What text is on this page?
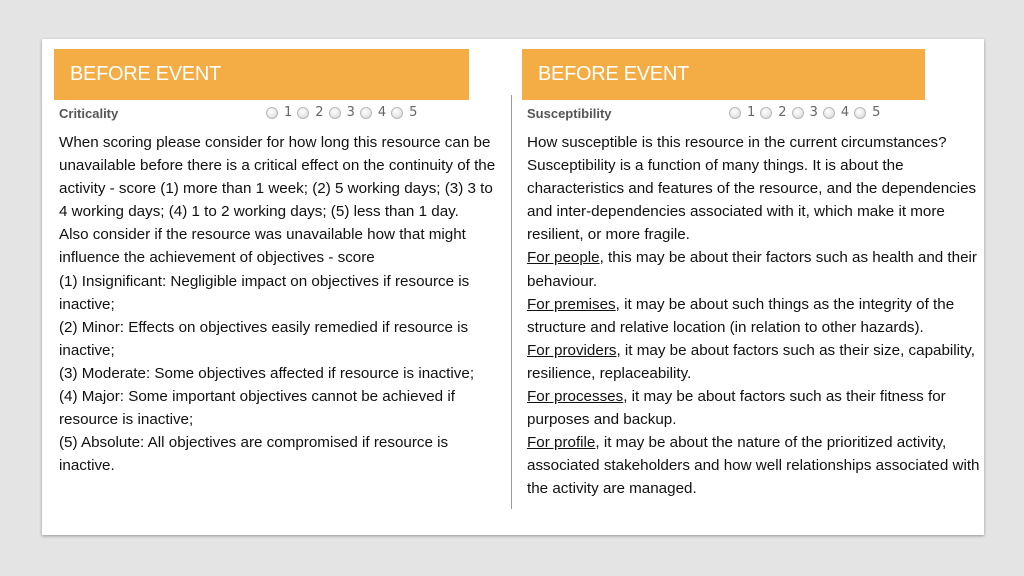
BEFORE EVENT
Criticality	1 2 3 4 5

When scoring please consider for how long this resource can be unavailable before there is a critical effect on the continuity of the activity - score (1) more than 1 week; (2) 5 working days; (3) 3 to 4 working days; (4) 1 to 2 working days; (5) less than 1 day.

Also consider if the resource was unavailable how that might influence the achievement of objectives - score

(1) Insignificant: Negligible impact on objectives if resource is inactive;

(2) Minor: Effects on objectives easily remedied if resource is inactive;

(3) Moderate: Some objectives affected if resource is inactive;

(4) Major: Some important objectives cannot be achieved if resource is inactive;

(5) Absolute: All objectives are compromised if resource is inactive.

BEFORE EVENT
Susceptibility	1 2 3 4 5

How susceptible is this resource in the current circumstances? Susceptibility is a function of many things. It is about the characteristics and features of the resource, and the dependencies and inter-dependencies associated with it, which make it more resilient, or more fragile.

For people, this may be about their factors such as health and their behaviour.

For premises, it may be about such things as the integrity of the structure and relative location (in relation to other hazards).

For providers, it may be about factors such as their size, capability, resilience, replaceability.

For processes, it may be about factors such as their fitness for purposes and backup.

For profile, it may be about the nature of the prioritized activity, associated stakeholders and how well relationships associated with the activity are managed.
